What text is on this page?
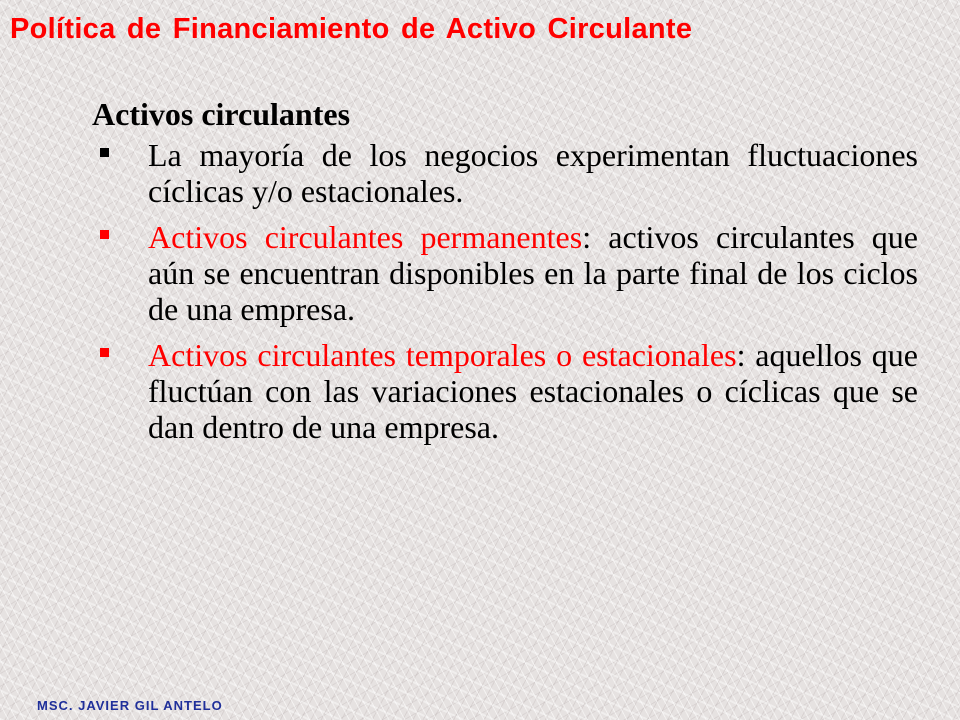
Política de Financiamiento de Activo Circulante
Activos circulantes
La mayoría de los negocios experimentan fluctuaciones cíclicas y/o estacionales.
Activos circulantes permanentes: activos circulantes que aún se encuentran disponibles en la parte final de los ciclos de una empresa.
Activos circulantes temporales o estacionales: aquellos que fluctúan con las variaciones estacionales o cíclicas que se dan dentro de una empresa.
MSC. JAVIER GIL ANTELO
